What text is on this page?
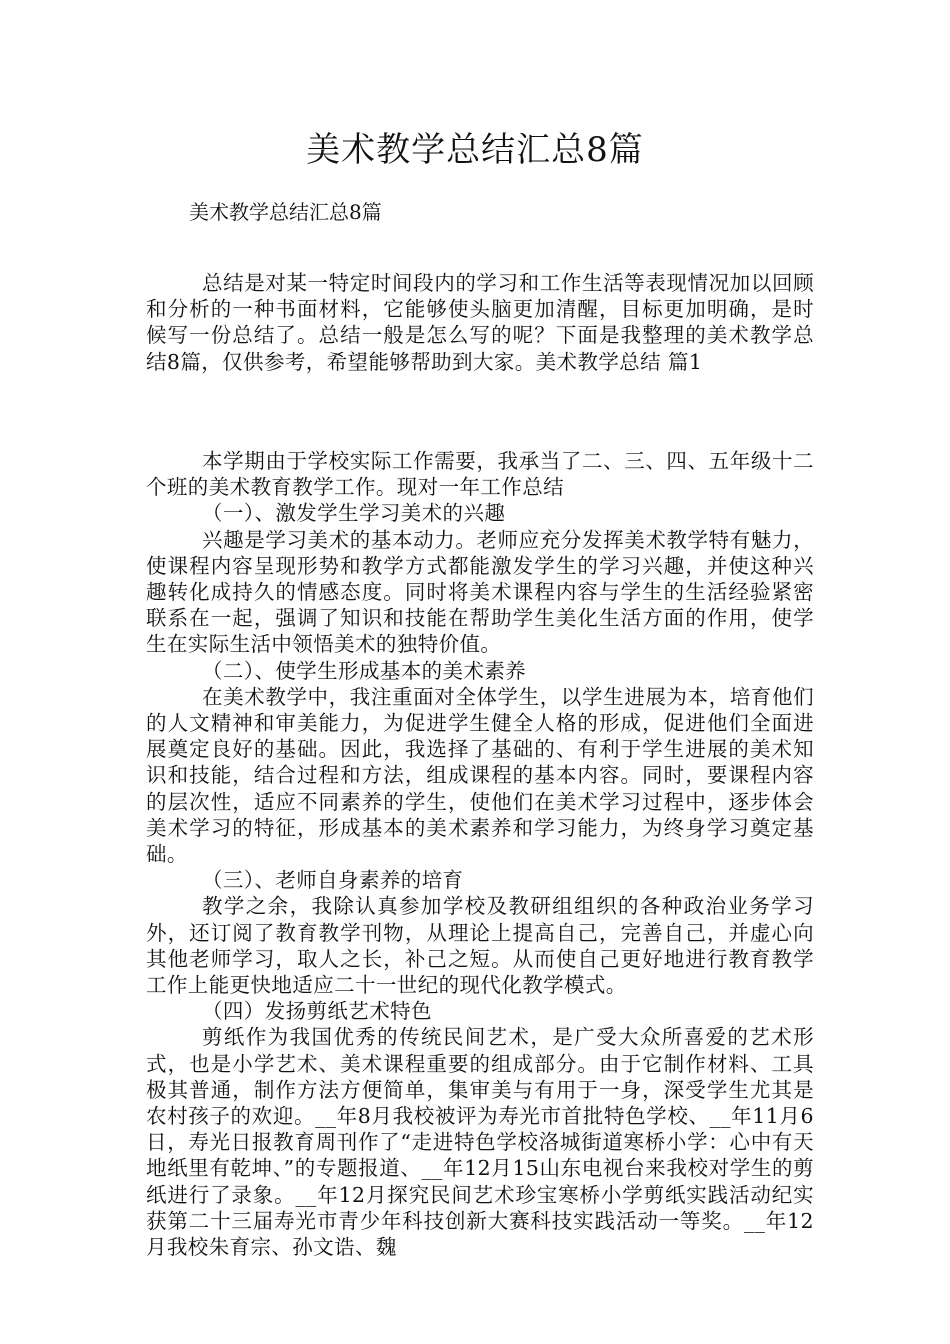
美术教学总结汇总8篇
美术教学总结汇总8篇

总结是对某一特定时间段内的学习和工作生活等表现情况加以回顾和分析的一种书面材料，它能够使头脑更加清醒，目标更加明确，是时候写一份总结了。总结一般是怎么写的呢？下面是我整理的美术教学总结8篇，仅供参考，希望能够帮助到大家。美术教学总结 篇1

本学期由于学校实际工作需要，我承当了二、三、四、五年级十二个班的美术教育教学工作。现对一年工作总结

（一）、激发学生学习美术的兴趣

兴趣是学习美术的基本动力。老师应充分发挥美术教学特有魅力，使课程内容呈现形势和教学方式都能激发学生的学习兴趣，并使这种兴趣转化成持久的情感态度。同时将美术课程内容与学生的生活经验紧密联系在一起，强调了知识和技能在帮助学生美化生活方面的作用，使学生在实际生活中领悟美术的独特价值。

（二）、使学生形成基本的美术素养

在美术教学中，我注重面对全体学生，以学生进展为本，培育他们的人文精神和审美能力，为促进学生健全人格的形成，促进他们全面进展奠定良好的基础。因此，我选择了基础的、有利于学生进展的美术知识和技能，结合过程和方法，组成课程的基本内容。同时，要课程内容的层次性，适应不同素养的学生，使他们在美术学习过程中，逐步体会美术学习的特征，形成基本的美术素养和学习能力，为终身学习奠定基础。

（三）、老师自身素养的培育

教学之余，我除认真参加学校及教研组组织的各种政治业务学习外，还订阅了教育教学刊物，从理论上提高自己，完善自己，并虚心向其他老师学习，取人之长，补己之短。从而使自己更好地进行教育教学工作上能更快地适应二十一世纪的现代化教学模式。

（四）发扬剪纸艺术特色

剪纸作为我国优秀的传统民间艺术，是广受大众所喜爱的艺术形式，也是小学艺术、美术课程重要的组成部分。由于它制作材料、工具极其普通，制作方法方便简单，集审美与有用于一身，深受学生尤其是农村孩子的欢迎。__年8月我校被评为寿光市首批特色学校、__年11月6日，寿光日报教育周刊作了“走进特色学校洛城街道寒桥小学：心中有天地纸里有乾坤、”的专题报道、__年12月15山东电视台来我校对学生的剪纸进行了录象。__年12月探究民间艺术珍宝寒桥小学剪纸实践活动纪实获第二十三届寿光市青少年科技创新大赛科技实践活动一等奖。__年12月我校朱育宗、孙文诰、魏
